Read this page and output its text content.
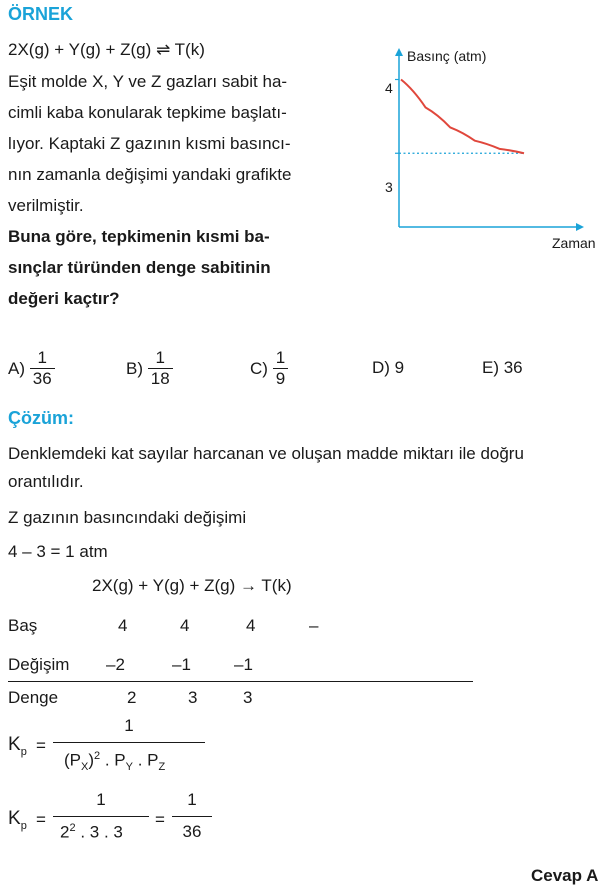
ÖRNEK
2X(g) + Y(g) + Z(g) ⇌ T(k)
Eşit molde X, Y ve Z gazları sabit ha-
cimli kaba konularak tepkime başlatı-
lıyor. Kaptaki Z gazının kısmi basıncı-
nın zamanla değişimi yandaki grafikte
verilmiştir.
Buna göre, tepkimenin kısmi ba-
sınçlar türünden denge sabitinin
değeri kaçtır?
Basınç (atm)
Zaman
4
3
$A) \frac{1}{36}$	$B) \frac{1}{18}$	$C) \frac{1}{9}$	D) 9	E) 36
Çözüm:
Denklemdeki kat sayılar harcanan ve oluşan madde miktarı ile doğru
orantılıdır.
Z gazının basıncındaki değişimi
4 – 3 = 1 atm
2X(g) + Y(g) + Z(g) → T(k)
Baş	4	4	4	–
Değişim –2	–1	–1
Denge	2	3	3
$K_p$ =
1
$(P_X)^2$ . $P_Y$ . $P_Z$
$K_p$ =
1
$2^2$ . 3 . 3
=
1
36
Cevap A
